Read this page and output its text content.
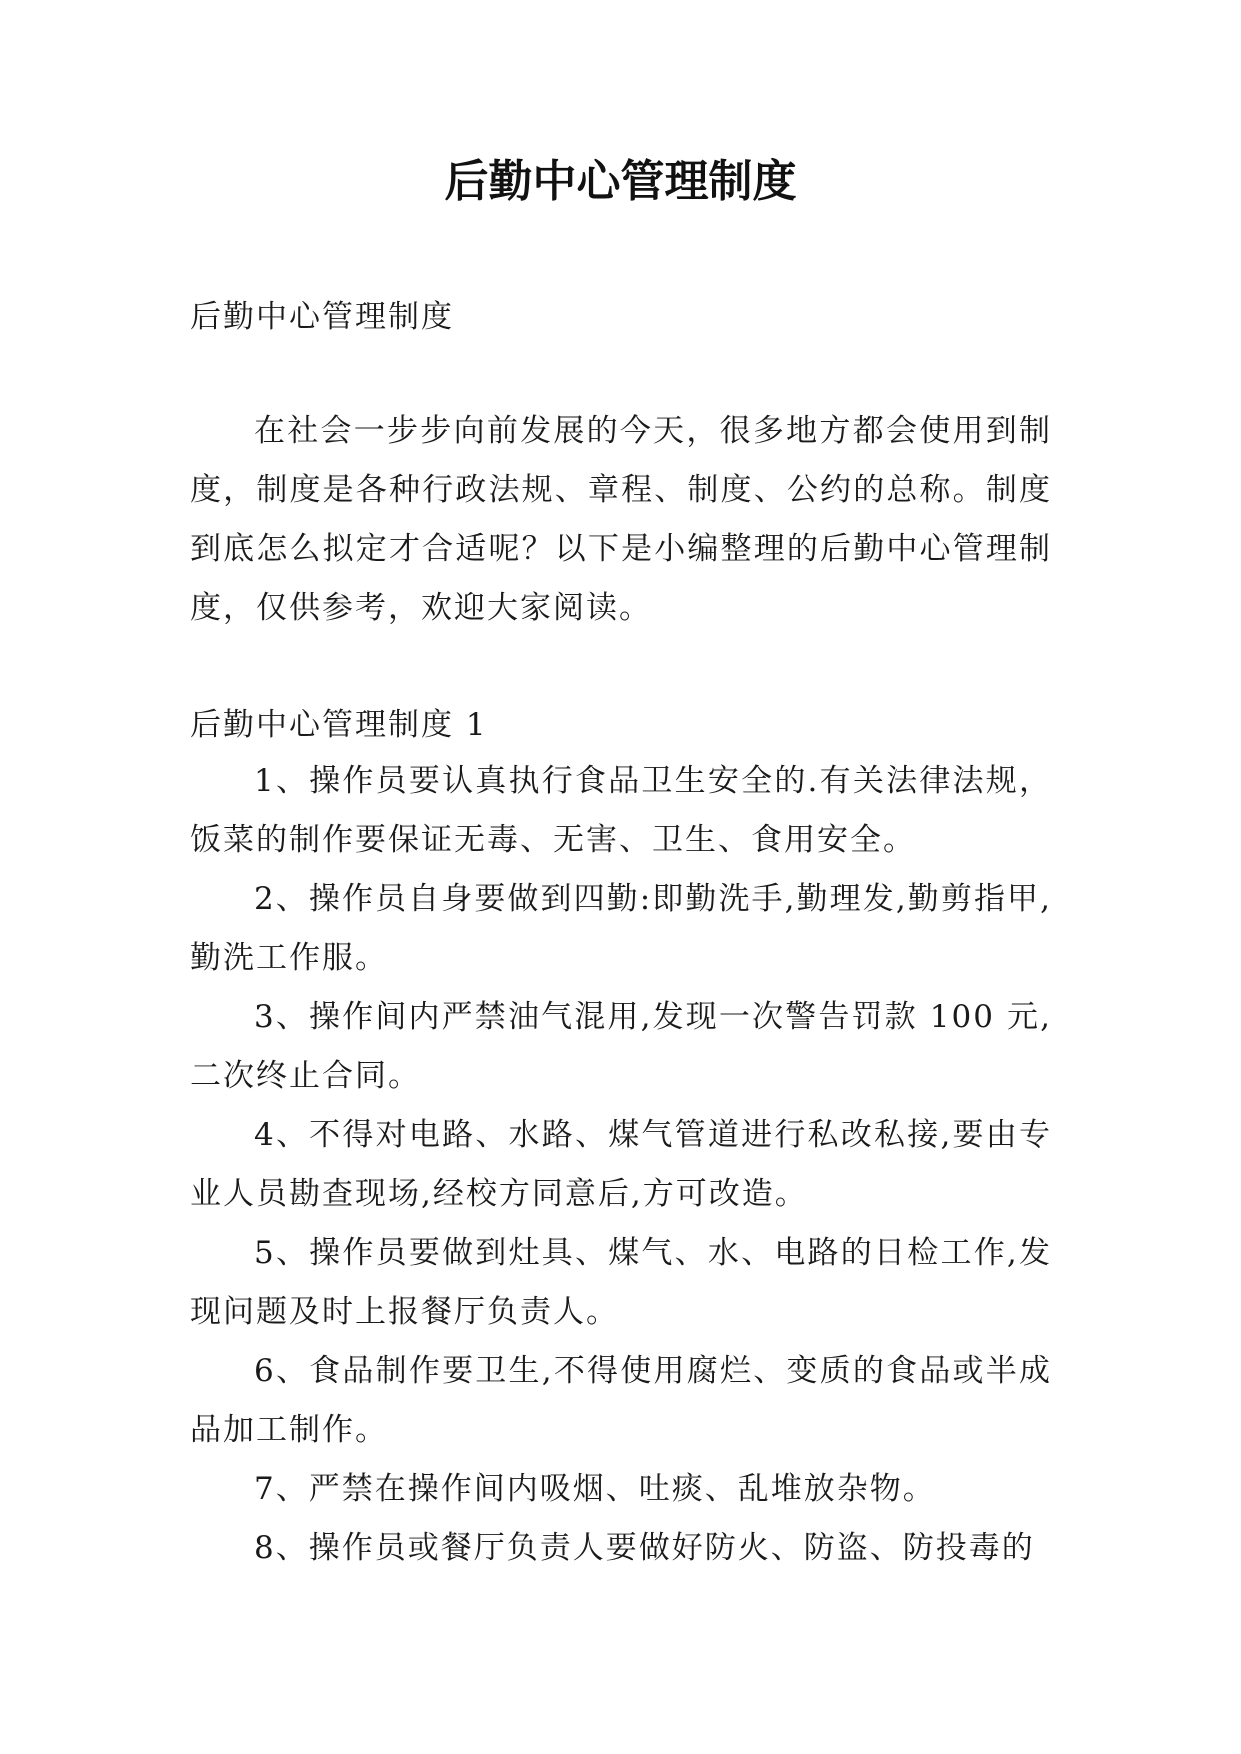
后勤中心管理制度

后勤中心管理制度

在社会一步步向前发展的今天，很多地方都会使用到制度，制度是各种行政法规、章程、制度、公约的总称。制度到底怎么拟定才合适呢？以下是小编整理的后勤中心管理制度，仅供参考，欢迎大家阅读。

后勤中心管理制度 1

1、操作员要认真执行食品卫生安全的.有关法律法规，饭菜的制作要保证无毒、无害、卫生、食用安全。
2、操作员自身要做到四勤:即勤洗手,勤理发,勤剪指甲,勤洗工作服。
3、操作间内严禁油气混用,发现一次警告罚款 100 元,二次终止合同。
4、不得对电路、水路、煤气管道进行私改私接,要由专业人员勘查现场,经校方同意后,方可改造。
5、操作员要做到灶具、煤气、水、电路的日检工作,发现问题及时上报餐厅负责人。
6、食品制作要卫生,不得使用腐烂、变质的食品或半成品加工制作。
7、严禁在操作间内吸烟、吐痰、乱堆放杂物。
8、操作员或餐厅负责人要做好防火、防盗、防投毒的
